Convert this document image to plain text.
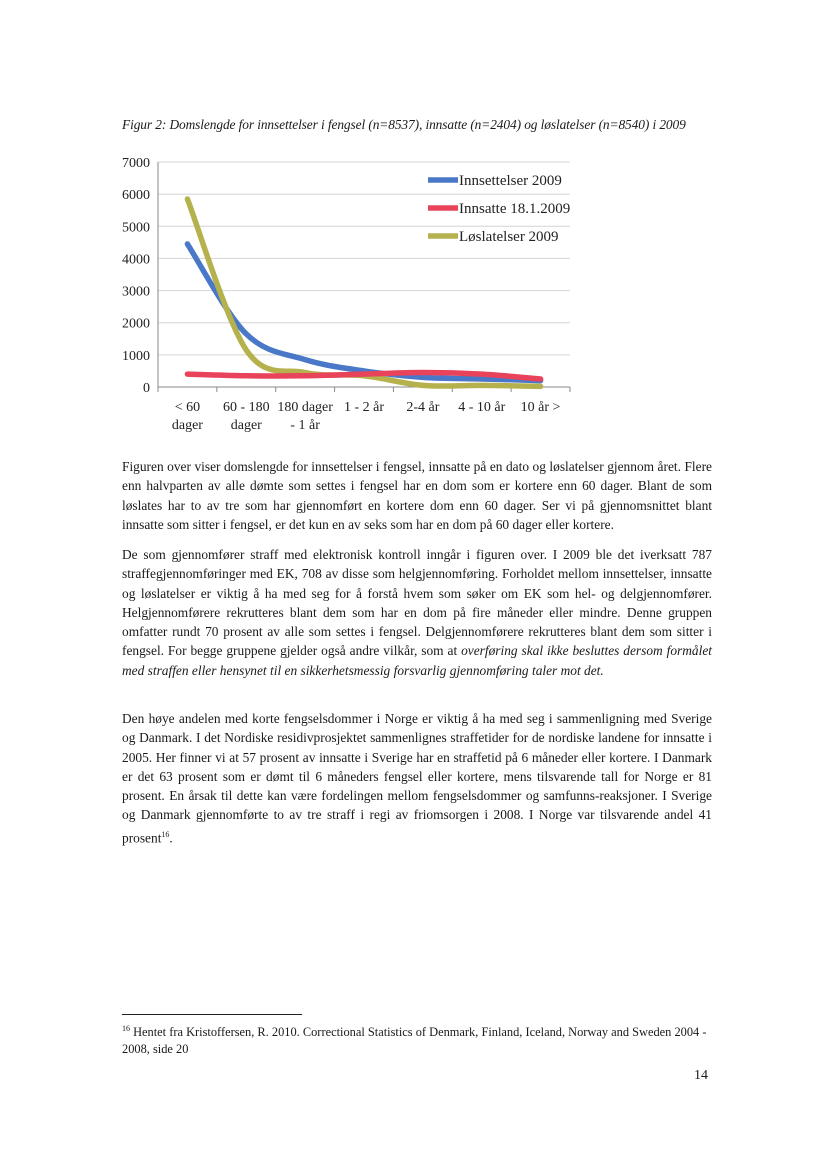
Figur 2: Domslengde for innsettelser i fengsel (n=8537), innsatte (n=2404) og løslatelser (n=8540) i 2009
0
1000
2000
3000
4000
5000
6000
7000
< 60
dager
60 - 180
dager
180 dager
- 1 år
1 - 2 år 2-4 år 4 - 10 år 10 år >
Innsettelser 2009
Innsatte 18.1.2009
Løslatelser 2009

Figuren over viser domslengde for innsettelser i fengsel, innsatte på en dato og løslatelser gjennom året. Flere enn halvparten av alle dømte som settes i fengsel har en dom som er kortere enn 60 dager. Blant de som løslates har to av tre som har gjennomført en kortere dom enn 60 dager. Ser vi på gjennomsnittet blant innsatte som sitter i fengsel, er det kun en av seks som har en dom på 60 dager eller kortere.

De som gjennomfører straff med elektronisk kontroll inngår i figuren over. I 2009 ble det iverksatt 787 straffegjennomføringer med EK, 708 av disse som helgjennomføring. Forholdet mellom innsettelser, innsatte og løslatelser er viktig å ha med seg for å forstå hvem som søker om EK som hel- og delgjennomfører. Helgjennomførere rekrutteres blant dem som har en dom på fire måneder eller mindre. Denne gruppen omfatter rundt 70 prosent av alle som settes i fengsel. Delgjennomførere rekrutteres blant dem som sitter i fengsel. For begge gruppene gjelder også andre vilkår, som at overføring skal ikke besluttes dersom formålet med straffen eller hensynet til en sikkerhetsmessig forsvarlig gjennomføring taler mot det.

Den høye andelen med korte fengselsdommer i Norge er viktig å ha med seg i sammenligning med Sverige og Danmark. I det Nordiske residivprosjektet sammenlignes straffetider for de nordiske landene for innsatte i 2005. Her finner vi at 57 prosent av innsatte i Sverige har en straffetid på 6 måneder eller kortere. I Danmark er det 63 prosent som er dømt til 6 måneders fengsel eller kortere, mens tilsvarende tall for Norge er 81 prosent. En årsak til dette kan være fordelingen mellom fengselsdommer og samfunns-reaksjoner. I Sverige og Danmark gjennomførte to av tre straff i regi av friomsorgen i 2008. I Norge var tilsvarende andel 41 prosent$^{16}$.

$^{16}$ Hentet fra Kristoffersen, R. 2010. Correctional Statistics of Denmark, Finland, Iceland, Norway and Sweden 2004 - 2008, side 20
14
